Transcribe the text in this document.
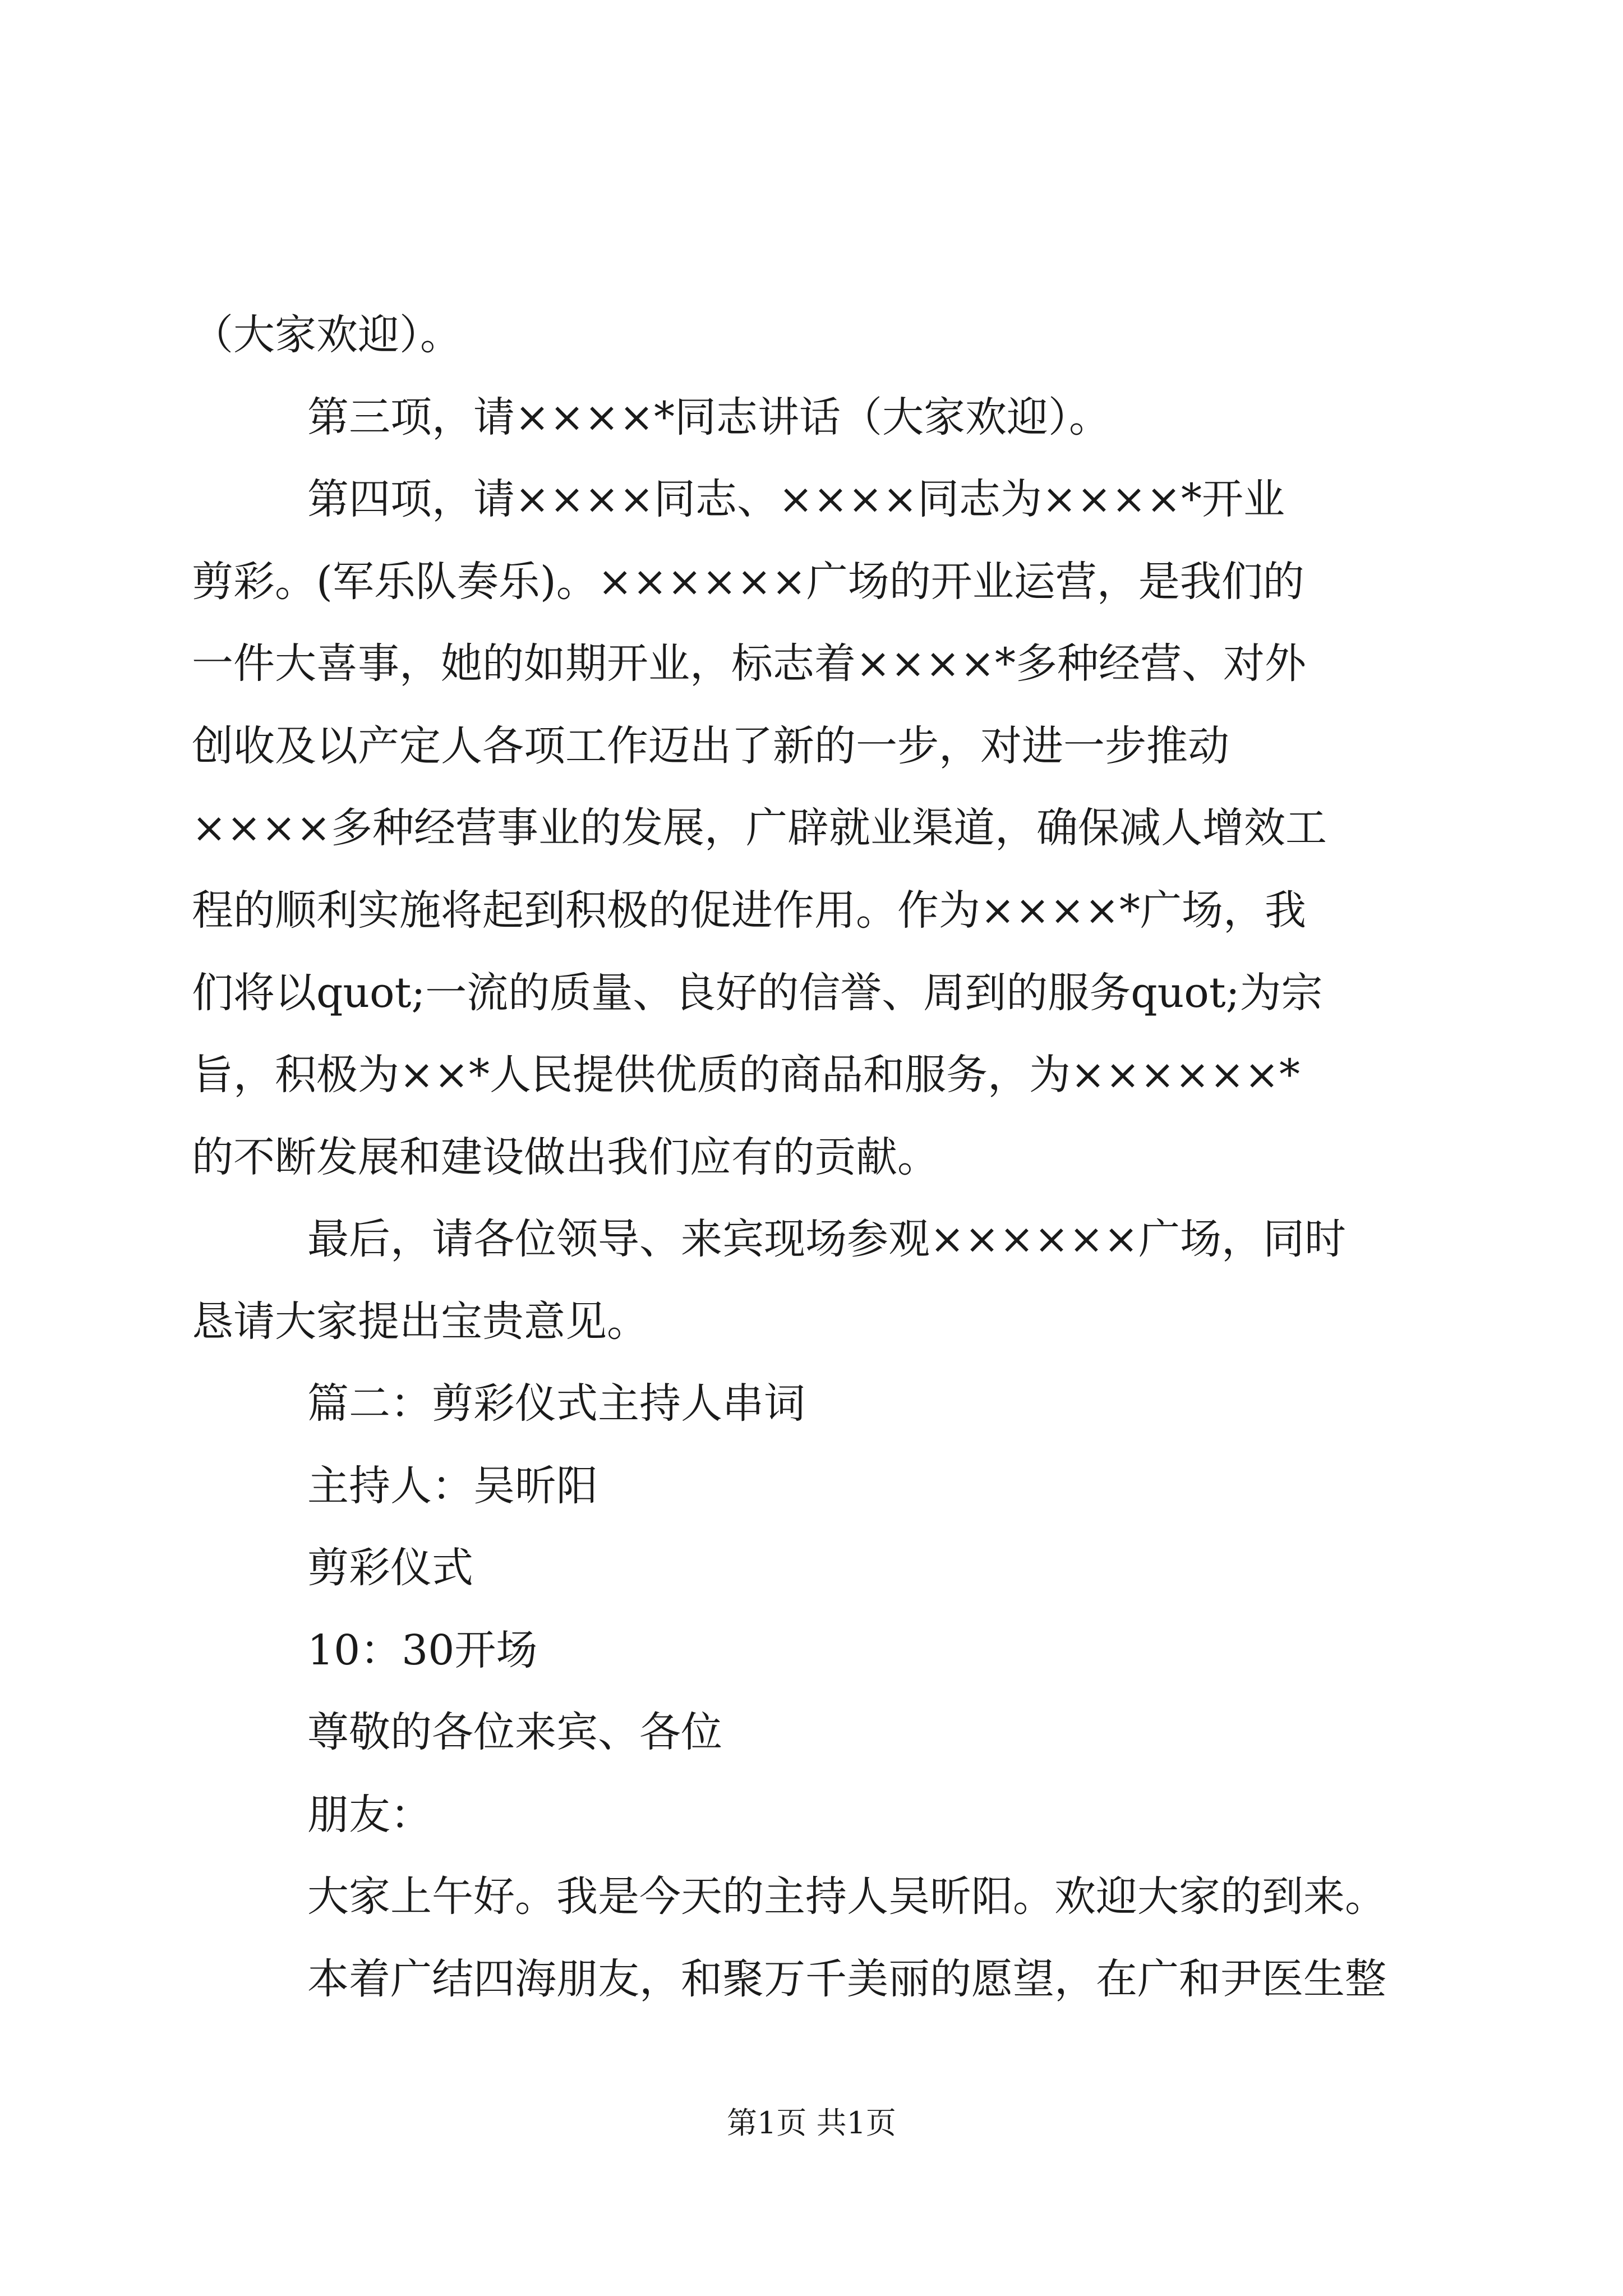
（大家欢迎）。
第三项，请××××*同志讲话（大家欢迎）。
第四项，请××××同志、××××同志为××××*开业
剪彩。(军乐队奏乐)。××××××广场的开业运营，是我们的
一件大喜事，她的如期开业，标志着××××*多种经营、对外
创收及以产定人各项工作迈出了新的一步，对进一步推动
××××多种经营事业的发展，广辟就业渠道，确保减人增效工
程的顺利实施将起到积极的促进作用。作为××××*广场，我
们将以quot;一流的质量、良好的信誉、周到的服务quot;为宗
旨，积极为××*人民提供优质的商品和服务，为××××××*
的不断发展和建设做出我们应有的贡献。
最后，请各位领导、来宾现场参观××××××广场，同时
恳请大家提出宝贵意见。
篇二：剪彩仪式主持人串词
主持人：吴昕阳
剪彩仪式
10：30开场
尊敬的各位来宾、各位
朋友：
大家上午好。我是今天的主持人吴昕阳。欢迎大家的到来。
本着广结四海朋友，和聚万千美丽的愿望，在广和尹医生整
第1页 共1页
